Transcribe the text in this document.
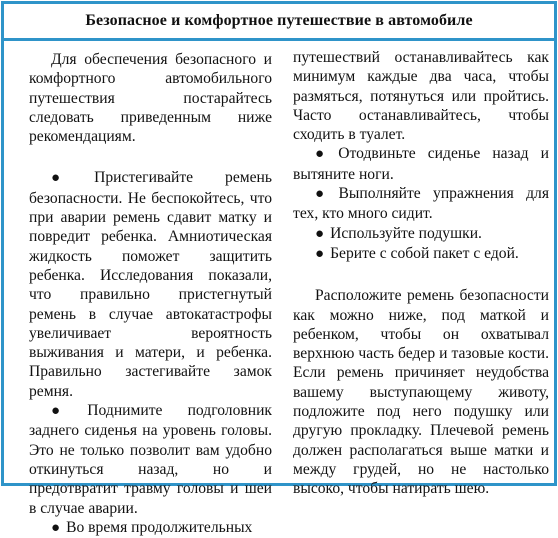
Безопасное и комфортное путешествие в автомобиле

Для обеспечения безопасного и комфортного автомобильного путешествия постарайтесь следовать приведенным ниже рекомендациям.

● Пристегивайте ремень безопасности. Не беспокойтесь, что при аварии ремень сдавит матку и повредит ребенка. Амниотическая жидкость поможет защитить ребенка. Исследования показали, что правильно пристегнутый ремень в случае автокатастрофы увеличивает вероятность выживания и матери, и ребенка. Правильно застегивайте замок ремня.

● Поднимите подголовник заднего сиденья на уровень головы. Это не только позволит вам удобно откинуться назад, но и предотвратит травму головы и шеи в случае аварии.

● Во время продолжительных

путешествий останавливайтесь как минимум каждые два часа, чтобы размяться, потянуться или пройтись. Часто останавливайтесь, чтобы сходить в туалет.

● Отодвиньте сиденье назад и вытяните ноги.

● Выполняйте упражнения для тех, кто много сидит.

● Используйте подушки.

● Берите с собой пакет с едой.

Расположите ремень безопасности как можно ниже, под маткой и ребенком, чтобы он охватывал верхнюю часть бедер и тазовые кости. Если ремень причиняет неудобства вашему выступающему животу, подложите под него подушку или другую прокладку. Плечевой ремень должен располагаться выше матки и между грудей, но не настолько высоко, чтобы натирать шею.
